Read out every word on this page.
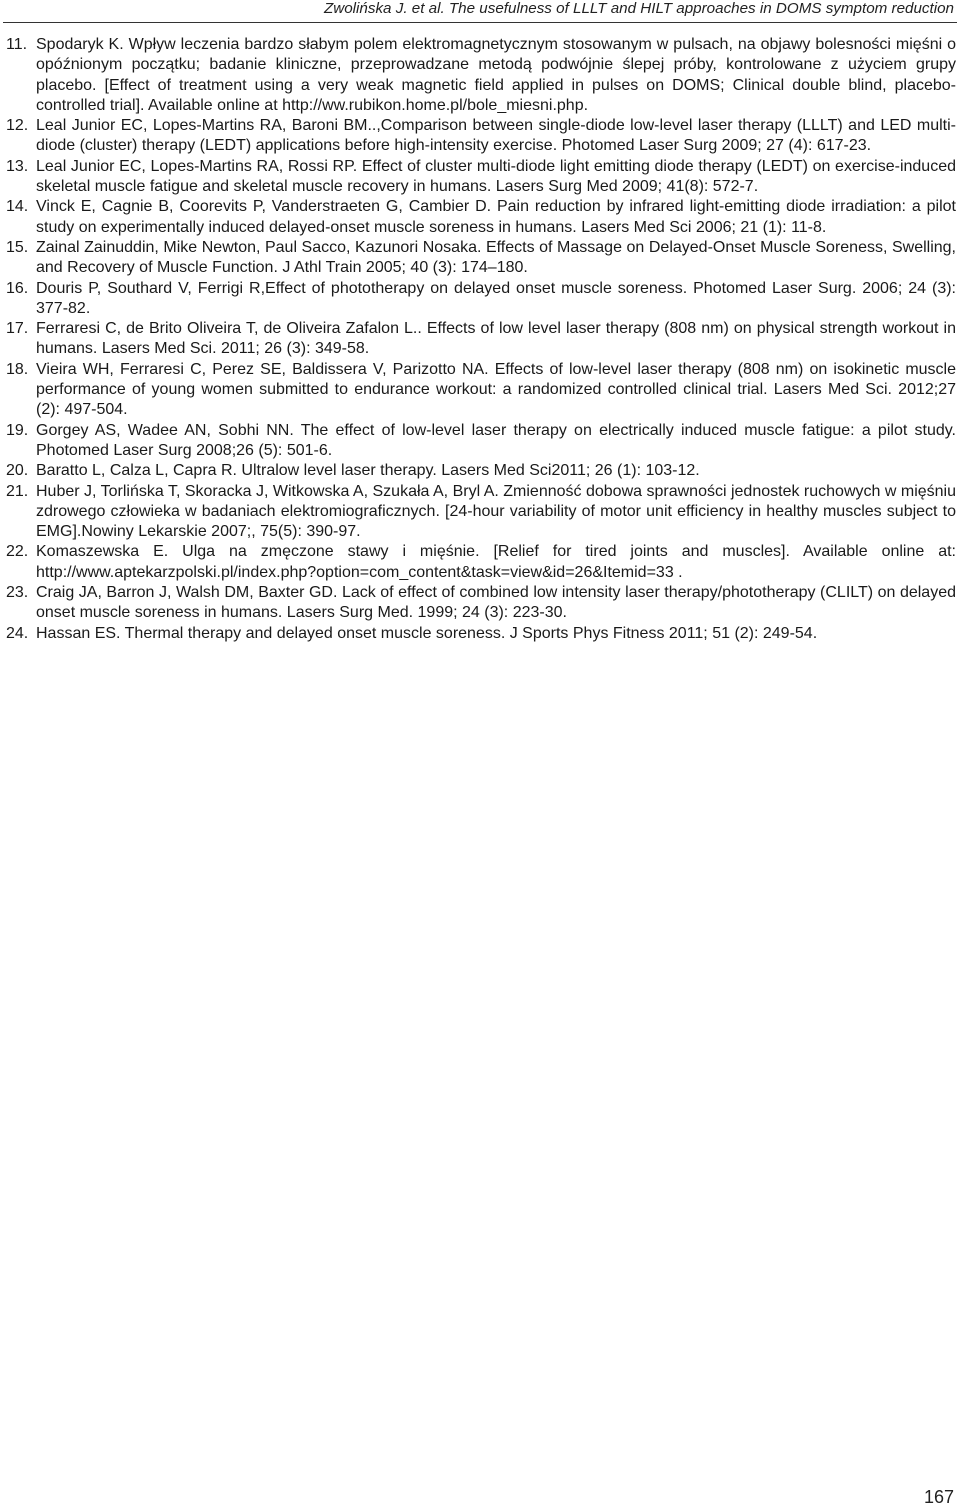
Zwolińska J. et al. The usefulness of LLLT and HILT approaches in DOMS symptom reduction
11. Spodaryk K. Wpływ leczenia bardzo słabym polem elektromagnetycznym stosowanym w pulsach, na objawy bolesności mięśni o opóźnionym początku; badanie kliniczne, przeprowadzane metodą podwójnie ślepej próby, kontrolowane z użyciem grupy placebo. [Effect of treatment using a very weak magnetic field applied in pulses on DOMS; Clinical double blind, placebo-controlled trial]. Available online at http://ww.rubikon.home.pl/bole_miesni.php.
12. Leal Junior EC, Lopes-Martins RA, Baroni BM..,Comparison between single-diode low-level laser therapy (LLLT) and LED multi-diode (cluster) therapy (LEDT) applications before high-intensity exercise. Photomed Laser Surg 2009; 27 (4): 617-23.
13. Leal Junior EC, Lopes-Martins RA, Rossi RP. Effect of cluster multi-diode light emitting diode therapy (LEDT) on exercise-induced skeletal muscle fatigue and skeletal muscle recovery in humans. Lasers Surg Med 2009; 41(8): 572-7.
14. Vinck E, Cagnie B, Coorevits P, Vanderstraeten G, Cambier D. Pain reduction by infrared light-emitting diode irradiation: a pilot study on experimentally induced delayed-onset muscle soreness in humans. Lasers Med Sci 2006; 21 (1): 11-8.
15. Zainal Zainuddin, Mike Newton, Paul Sacco, Kazunori Nosaka. Effects of Massage on Delayed-Onset Muscle Soreness, Swelling, and Recovery of Muscle Function. J Athl Train 2005; 40 (3): 174–180.
16. Douris P, Southard V, Ferrigi R,Effect of phototherapy on delayed onset muscle soreness. Photomed Laser Surg. 2006; 24 (3): 377-82.
17. Ferraresi C, de Brito Oliveira T, de Oliveira Zafalon L.. Effects of low level laser therapy (808 nm) on physical strength workout in humans. Lasers Med Sci. 2011; 26 (3): 349-58.
18. Vieira WH, Ferraresi C, Perez SE, Baldissera V, Parizotto NA. Effects of low-level laser therapy (808 nm) on isokinetic muscle performance of young women submitted to endurance workout: a randomized controlled clinical trial. Lasers Med Sci. 2012;27 (2): 497-504.
19. Gorgey AS, Wadee AN, Sobhi NN. The effect of low-level laser therapy on electrically induced muscle fatigue: a pilot study. Photomed Laser Surg 2008;26 (5): 501-6.
20. Baratto L, Calza L, Capra R. Ultralow level laser therapy. Lasers Med Sci2011; 26 (1): 103-12.
21. Huber J, Torlińska T, Skoracka J, Witkowska A, Szukała A, Bryl A. Zmienność dobowa sprawności jednostek ruchowych w mięśniu zdrowego człowieka w badaniach elektromiograficznych. [24-hour variability of motor unit efficiency in healthy muscles subject to EMG].Nowiny Lekarskie 2007;, 75(5): 390-97.
22. Komaszewska E. Ulga na zmęczone stawy i mięśnie. [Relief for tired joints and muscles]. Available online at: http://www.aptekarzpolski.pl/index.php?option=com_content&task=view&id=26&Itemid=33 .
23. Craig JA, Barron J, Walsh DM, Baxter GD. Lack of effect of combined low intensity laser therapy/phototherapy (CLILT) on delayed onset muscle soreness in humans. Lasers Surg Med. 1999; 24 (3): 223-30.
24. Hassan ES. Thermal therapy and delayed onset muscle soreness. J Sports Phys Fitness 2011; 51 (2): 249-54.
167
